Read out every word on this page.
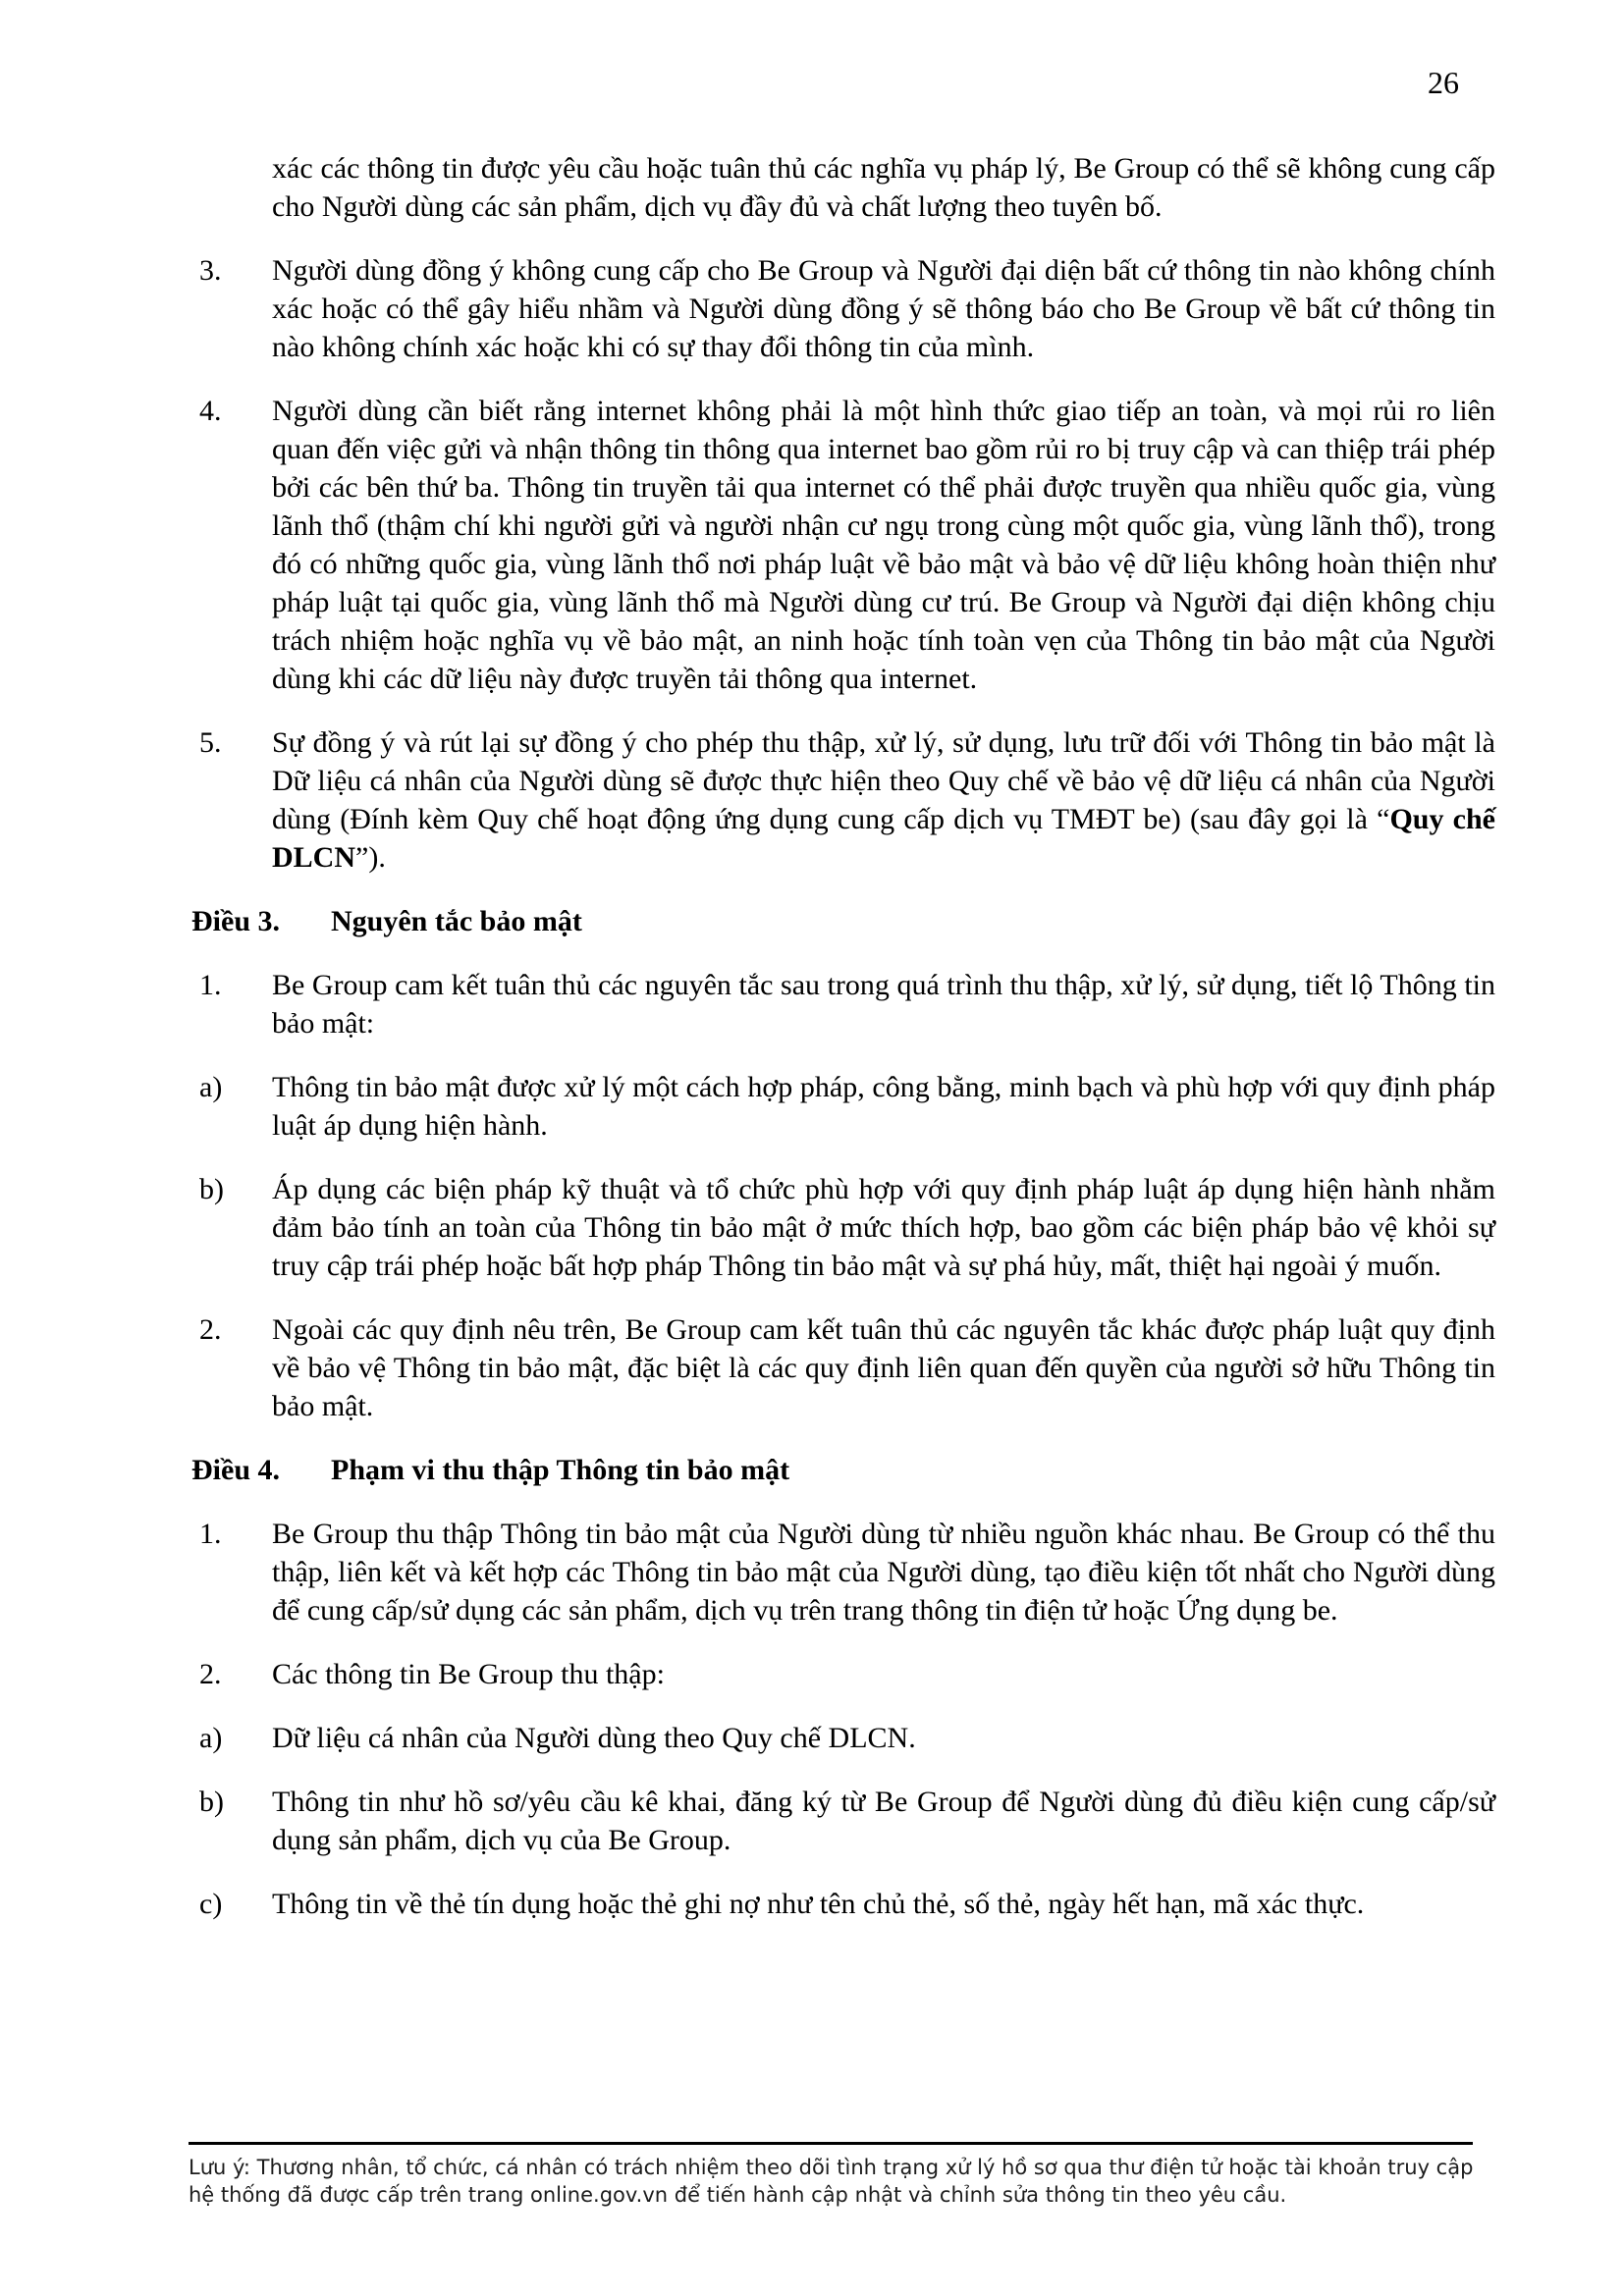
26
xác các thông tin được yêu cầu hoặc tuân thủ các nghĩa vụ pháp lý, Be Group có thể sẽ không cung cấp cho Người dùng các sản phẩm, dịch vụ đầy đủ và chất lượng theo tuyên bố.
3. Người dùng đồng ý không cung cấp cho Be Group và Người đại diện bất cứ thông tin nào không chính xác hoặc có thể gây hiểu nhầm và Người dùng đồng ý sẽ thông báo cho Be Group về bất cứ thông tin nào không chính xác hoặc khi có sự thay đổi thông tin của mình.
4. Người dùng cần biết rằng internet không phải là một hình thức giao tiếp an toàn, và mọi rủi ro liên quan đến việc gửi và nhận thông tin thông qua internet bao gồm rủi ro bị truy cập và can thiệp trái phép bởi các bên thứ ba. Thông tin truyền tải qua internet có thể phải được truyền qua nhiều quốc gia, vùng lãnh thổ (thậm chí khi người gửi và người nhận cư ngụ trong cùng một quốc gia, vùng lãnh thổ), trong đó có những quốc gia, vùng lãnh thổ nơi pháp luật về bảo mật và bảo vệ dữ liệu không hoàn thiện như pháp luật tại quốc gia, vùng lãnh thổ mà Người dùng cư trú. Be Group và Người đại diện không chịu trách nhiệm hoặc nghĩa vụ về bảo mật, an ninh hoặc tính toàn vẹn của Thông tin bảo mật của Người dùng khi các dữ liệu này được truyền tải thông qua internet.
5. Sự đồng ý và rút lại sự đồng ý cho phép thu thập, xử lý, sử dụng, lưu trữ đối với Thông tin bảo mật là Dữ liệu cá nhân của Người dùng sẽ được thực hiện theo Quy chế về bảo vệ dữ liệu cá nhân của Người dùng (Đính kèm Quy chế hoạt động ứng dụng cung cấp dịch vụ TMĐT be) (sau đây gọi là “Quy chế DLCN”).
Điều 3. Nguyên tắc bảo mật
1. Be Group cam kết tuân thủ các nguyên tắc sau trong quá trình thu thập, xử lý, sử dụng, tiết lộ Thông tin bảo mật:
a) Thông tin bảo mật được xử lý một cách hợp pháp, công bằng, minh bạch và phù hợp với quy định pháp luật áp dụng hiện hành.
b) Áp dụng các biện pháp kỹ thuật và tổ chức phù hợp với quy định pháp luật áp dụng hiện hành nhằm đảm bảo tính an toàn của Thông tin bảo mật ở mức thích hợp, bao gồm các biện pháp bảo vệ khỏi sự truy cập trái phép hoặc bất hợp pháp Thông tin bảo mật và sự phá hủy, mất, thiệt hại ngoài ý muốn.
2. Ngoài các quy định nêu trên, Be Group cam kết tuân thủ các nguyên tắc khác được pháp luật quy định về bảo vệ Thông tin bảo mật, đặc biệt là các quy định liên quan đến quyền của người sở hữu Thông tin bảo mật.
Điều 4. Phạm vi thu thập Thông tin bảo mật
1. Be Group thu thập Thông tin bảo mật của Người dùng từ nhiều nguồn khác nhau. Be Group có thể thu thập, liên kết và kết hợp các Thông tin bảo mật của Người dùng, tạo điều kiện tốt nhất cho Người dùng để cung cấp/sử dụng các sản phẩm, dịch vụ trên trang thông tin điện tử hoặc Ứng dụng be.
2. Các thông tin Be Group thu thập:
a) Dữ liệu cá nhân của Người dùng theo Quy chế DLCN.
b) Thông tin như hồ sơ/yêu cầu kê khai, đăng ký từ Be Group để Người dùng đủ điều kiện cung cấp/sử dụng sản phẩm, dịch vụ của Be Group.
c) Thông tin về thẻ tín dụng hoặc thẻ ghi nợ như tên chủ thẻ, số thẻ, ngày hết hạn, mã xác thực.
Lưu ý: Thương nhân, tổ chức, cá nhân có trách nhiệm theo dõi tình trạng xử lý hồ sơ qua thư điện tử hoặc tài khoản truy cập hệ thống đã được cấp trên trang online.gov.vn để tiến hành cập nhật và chỉnh sửa thông tin theo yêu cầu.
